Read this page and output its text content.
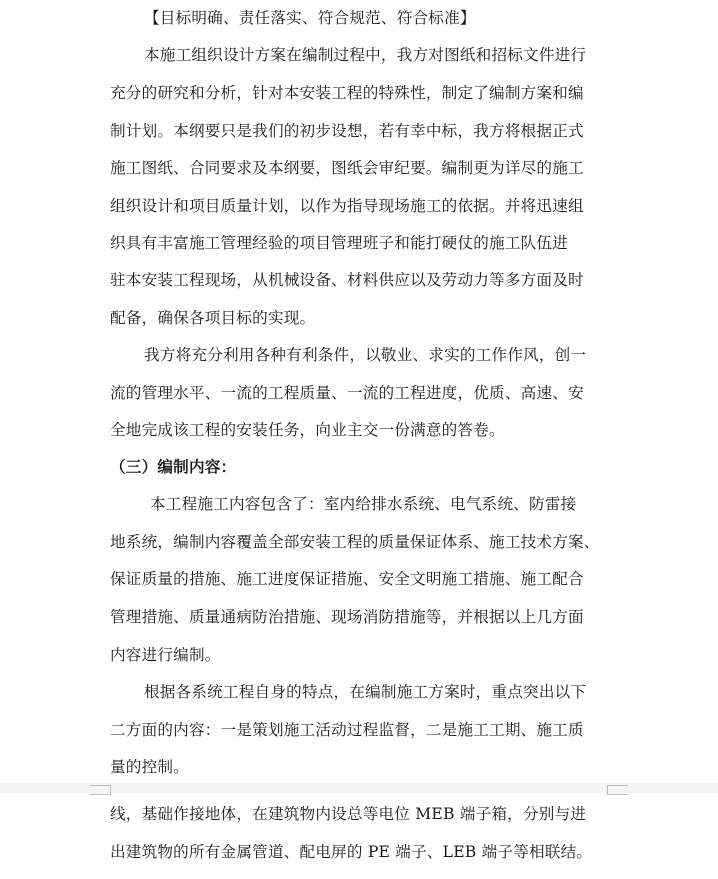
【目标明确、责任落实、符合规范、符合标准】
本施工组织设计方案在编制过程中，我方对图纸和招标文件进行
充分的研究和分析，针对本安装工程的特殊性，制定了编制方案和编
制计划。本纲要只是我们的初步设想，若有幸中标，我方将根据正式
施工图纸、合同要求及本纲要，图纸会审纪要。编制更为详尽的施工
组织设计和项目质量计划，以作为指导现场施工的依据。并将迅速组
织具有丰富施工管理经验的项目管理班子和能打硬仗的施工队伍进
驻本安装工程现场，从机械设备、材料供应以及劳动力等多方面及时
配备，确保各项目标的实现。
我方将充分利用各种有利条件，以敬业、求实的工作作风，创一
流的管理水平、一流的工程质量、一流的工程进度，优质、高速、安
全地完成该工程的安装任务，向业主交一份满意的答卷。
（三）编制内容：
本工程施工内容包含了：室内给排水系统、电气系统、防雷接
地系统，编制内容覆盖全部安装工程的质量保证体系、施工技术方案、
保证质量的措施、施工进度保证措施、安全文明施工措施、施工配合
管理措施、质量通病防治措施、现场消防措施等，并根据以上几方面
内容进行编制。
根据各系统工程自身的特点，在编制施工方案时，重点突出以下
二方面的内容：一是策划施工活动过程监督，二是施工工期、施工质
量的控制。
线，基础作接地体，在建筑物内设总等电位 MEB 端子箱，分别与进
出建筑物的所有金属管道、配电屏的 PE 端子、LEB 端子等相联结。
